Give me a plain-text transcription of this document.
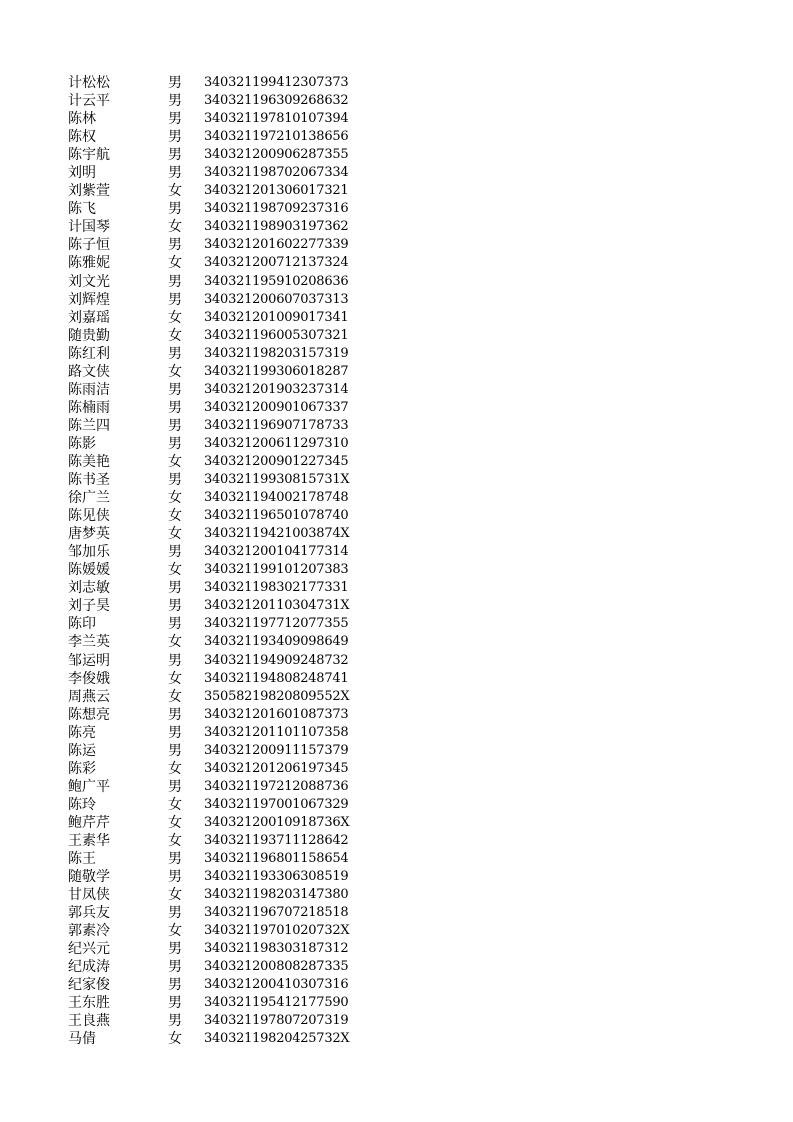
计松松	男 340321199412307373
计云平	男 340321196309268632
陈林	男 340321197810107394
陈权	男 340321197210138656
陈宇航	男 340321200906287355
刘明	男 340321198702067334
刘紫萱	女 340321201306017321
陈飞	男 340321198709237316
计国琴	女 340321198903197362
陈子恒	男 340321201602277339
陈雅妮	女 340321200712137324
刘文光	男 340321195910208636
刘辉煌	男 340321200607037313
刘嘉瑶	女 340321201009017341
随贵勤	女 340321196005307321
陈红利	男 340321198203157319
路文侠	女 340321199306018287
陈雨洁	男 340321201903237314
陈楠雨	男 340321200901067337
陈兰四	男 340321196907178733
陈影	男 340321200611297310
陈美艳	女 340321200901227345
陈书圣	男 34032119930815731X
徐广兰	女 340321194002178748
陈见侠	女 340321196501078740
唐梦英	女 34032119421003874X
邹加乐	男 340321200104177314
陈媛媛	女 340321199101207383
刘志敏	男 340321198302177331
刘子昊	男 34032120110304731X
陈印	男 340321197712077355
李兰英	女 340321193409098649
邹运明	男 340321194909248732
李俊娥	女 340321194808248741
周燕云	女 35058219820809552X
陈想亮	男 340321201601087373
陈亮	男 340321201101107358
陈运	男 340321200911157379
陈彩	女 340321201206197345
鲍广平	男 340321197212088736
陈玲	女 340321197001067329
鲍芹芹	女 34032120010918736X
王素华	女 340321193711128642
陈王	男 340321196801158654
随敬学	男 340321193306308519
甘凤侠	女 340321198203147380
郭兵友	男 340321196707218518
郭素冷	女 34032119701020732X
纪兴元	男 340321198303187312
纪成涛	男 340321200808287335
纪家俊	男 340321200410307316
王东胜	男 340321195412177590
王良燕	男 340321197807207319
马倩	女 34032119820425732X
